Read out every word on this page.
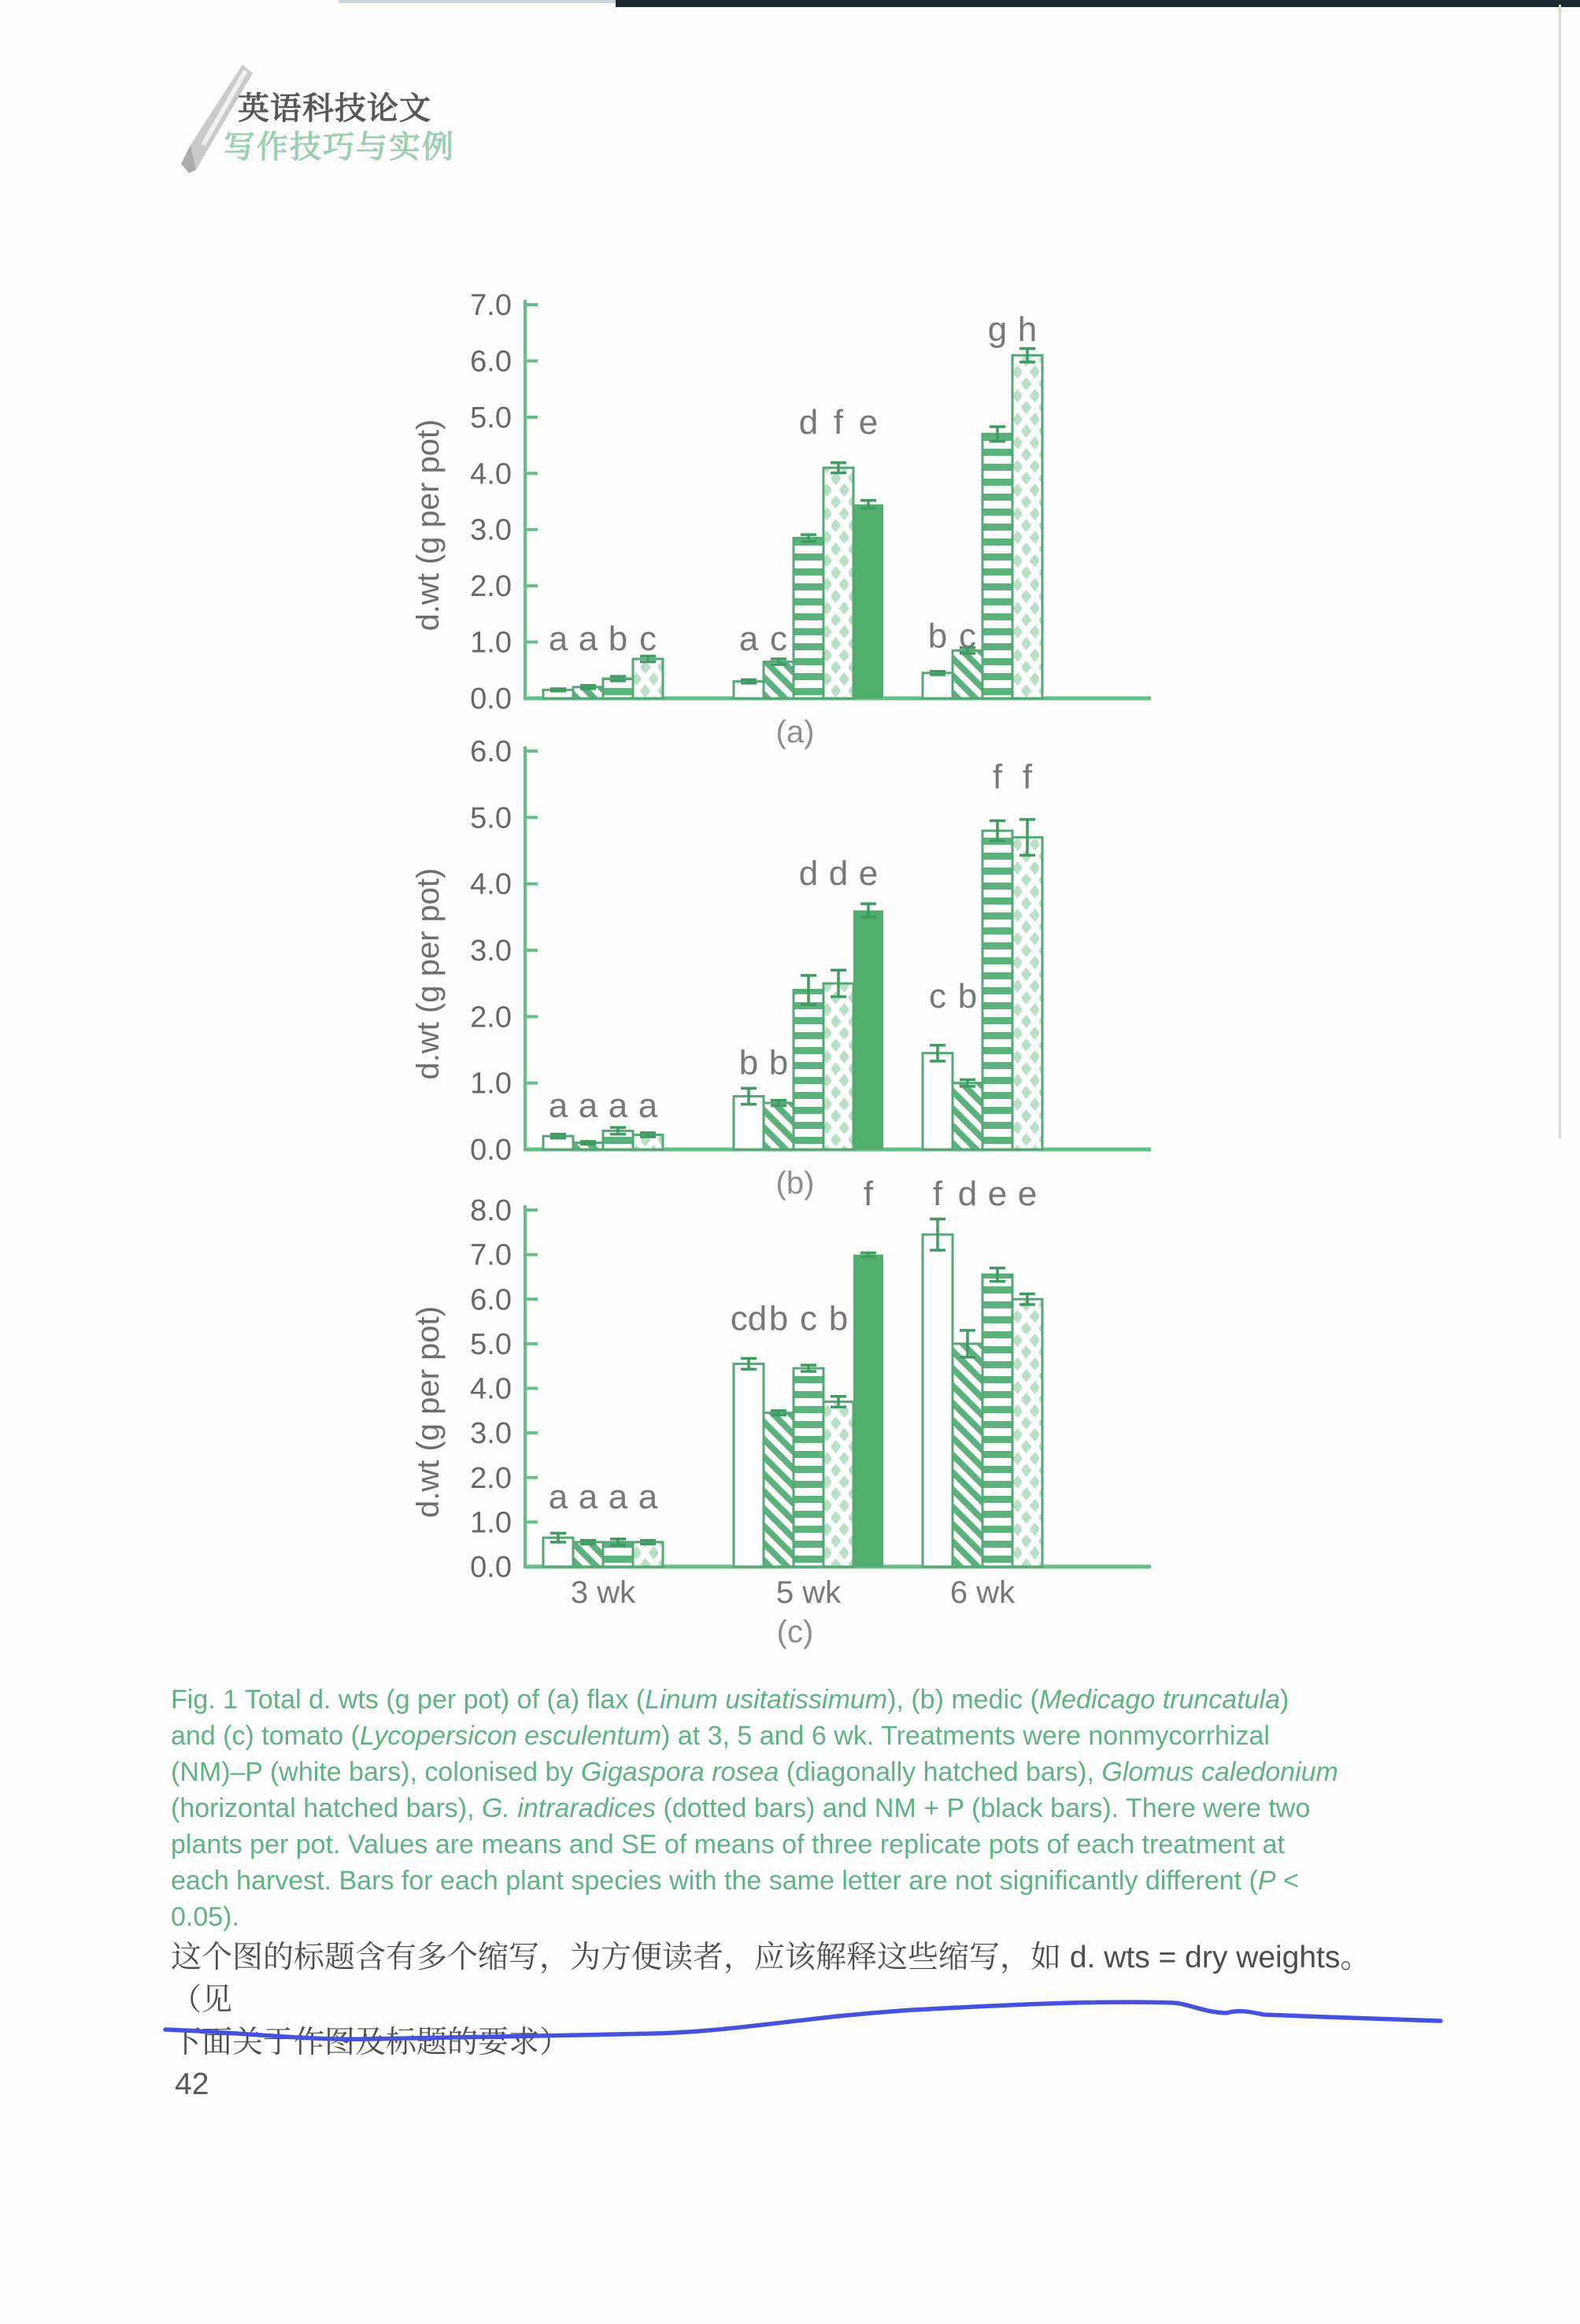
英语科技论文
写作技巧与实例
d.wt (g per pot)
0.0
1.0
2.0
3.0
4.0
5.0
6.0
7.0
a a b c a c
d f e
b c
g h
(a)
d.wt (g per pot)
0.0
1.0
2.0
3.0
4.0
5.0
6.0
a a a a
b b
d d e
c b
f f
(b)
d.wt (g per pot)
0.0
1.0
2.0
3.0
4.0
5.0
6.0
7.0
8.0
a a a a
3 wk
cd b c b
f
5 wk
f d e e
6 wk
(c)
Fig. 1 Total d. wts (g per pot) of (a) flax (Linum usitatissimum), (b) medic (Medicago truncatula)
and (c) tomato (Lycopersicon esculentum) at 3, 5 and 6 wk. Treatments were nonmycorrhizal
(NM)–P (white bars), colonised by Gigaspora rosea (diagonally hatched bars), Glomus caledonium
(horizontal hatched bars), G. intraradices (dotted bars) and NM + P (black bars). There were two
plants per pot. Values are means and SE of means of three replicate pots of each treatment at
each harvest. Bars for each plant species with the same letter are not significantly different (P <
0.05).
这个图的标题含有多个缩写，为方便读者，应该解释这些缩写，如 d. wts = dry weights。（见
下面关于作图及标题的要求）
42
